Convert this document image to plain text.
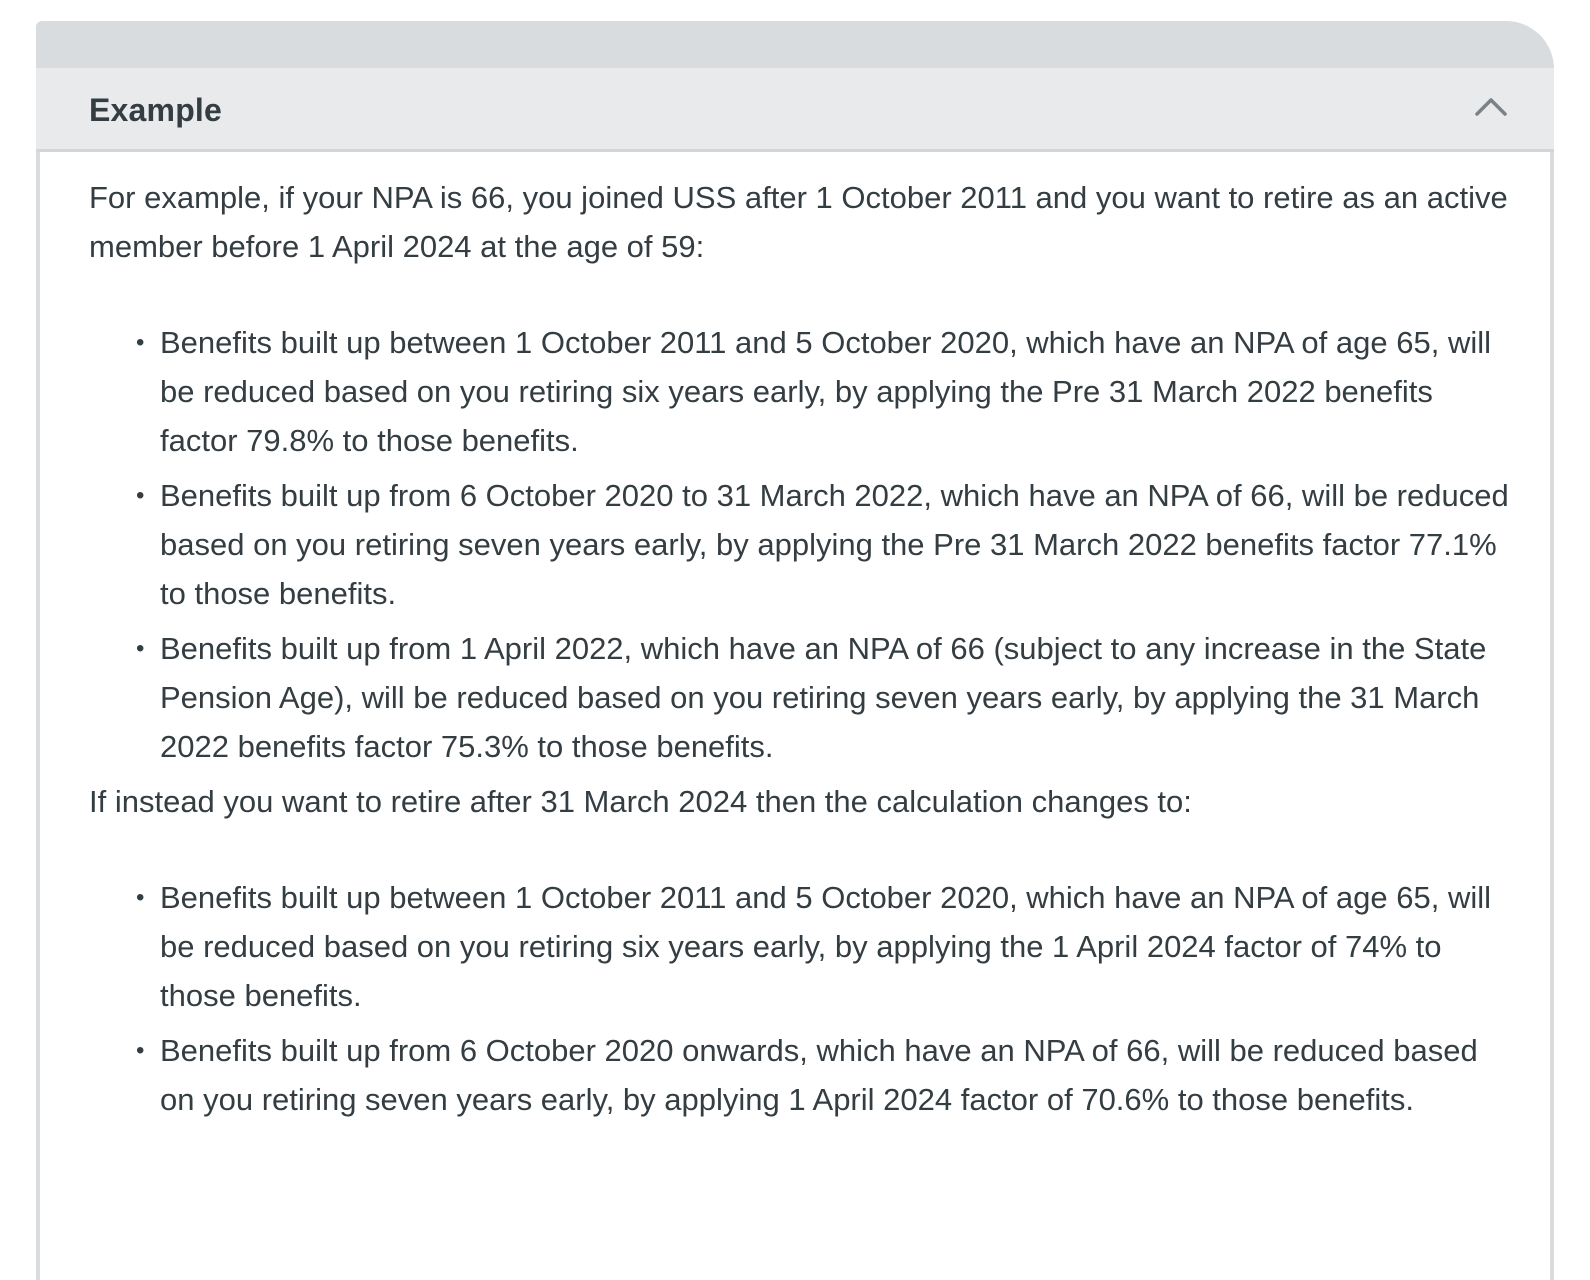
Example

For example, if your NPA is 66, you joined USS after 1 October 2011 and you want to retire as an active member before 1 April 2024 at the age of 59:

• Benefits built up between 1 October 2011 and 5 October 2020, which have an NPA of age 65, will be reduced based on you retiring six years early, by applying the Pre 31 March 2022 benefits factor 79.8% to those benefits.
• Benefits built up from 6 October 2020 to 31 March 2022, which have an NPA of 66, will be reduced based on you retiring seven years early, by applying the Pre 31 March 2022 benefits factor 77.1% to those benefits.
• Benefits built up from 1 April 2022, which have an NPA of 66 (subject to any increase in the State Pension Age), will be reduced based on you retiring seven years early, by applying the 31 March 2022 benefits factor 75.3% to those benefits.

If instead you want to retire after 31 March 2024 then the calculation changes to:

• Benefits built up between 1 October 2011 and 5 October 2020, which have an NPA of age 65, will be reduced based on you retiring six years early, by applying the 1 April 2024 factor of 74% to those benefits.
• Benefits built up from 6 October 2020 onwards, which have an NPA of 66, will be reduced based on you retiring seven years early, by applying 1 April 2024 factor of 70.6% to those benefits.
